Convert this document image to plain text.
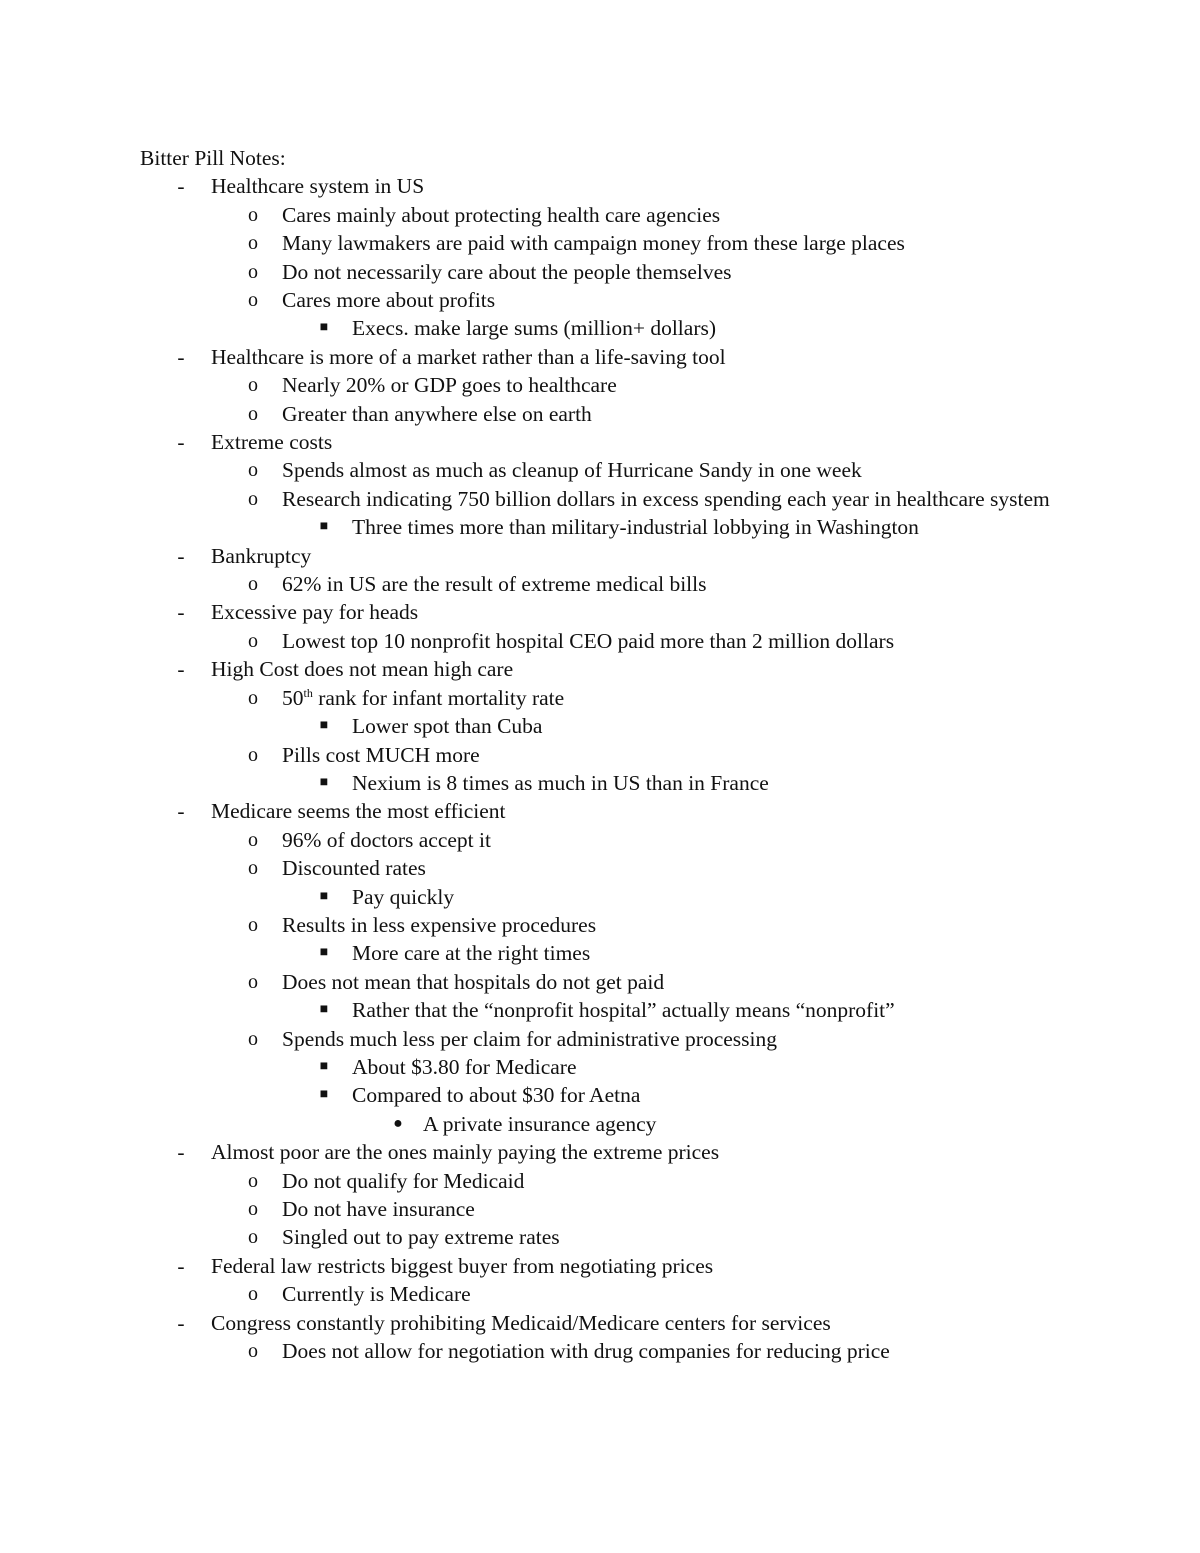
Bitter Pill Notes:
- Healthcare system in US
o Cares mainly about protecting health care agencies
o Many lawmakers are paid with campaign money from these large places
o Do not necessarily care about the people themselves
o Cares more about profits
■ Execs. make large sums (million+ dollars)
- Healthcare is more of a market rather than a life-saving tool
o Nearly 20% or GDP goes to healthcare
o Greater than anywhere else on earth
- Extreme costs
o Spends almost as much as cleanup of Hurricane Sandy in one week
o Research indicating 750 billion dollars in excess spending each year in healthcare system
■ Three times more than military-industrial lobbying in Washington
- Bankruptcy
o 62% in US are the result of extreme medical bills
- Excessive pay for heads
o Lowest top 10 nonprofit hospital CEO paid more than 2 million dollars
- High Cost does not mean high care
o 50th rank for infant mortality rate
■ Lower spot than Cuba
o Pills cost MUCH more
■ Nexium is 8 times as much in US than in France
- Medicare seems the most efficient
o 96% of doctors accept it
o Discounted rates
■ Pay quickly
o Results in less expensive procedures
■ More care at the right times
o Does not mean that hospitals do not get paid
■ Rather that the “nonprofit hospital” actually means “nonprofit”
o Spends much less per claim for administrative processing
■ About $3.80 for Medicare
■ Compared to about $30 for Aetna
● A private insurance agency
- Almost poor are the ones mainly paying the extreme prices
o Do not qualify for Medicaid
o Do not have insurance
o Singled out to pay extreme rates
- Federal law restricts biggest buyer from negotiating prices
o Currently is Medicare
- Congress constantly prohibiting Medicaid/Medicare centers for services
o Does not allow for negotiation with drug companies for reducing price
